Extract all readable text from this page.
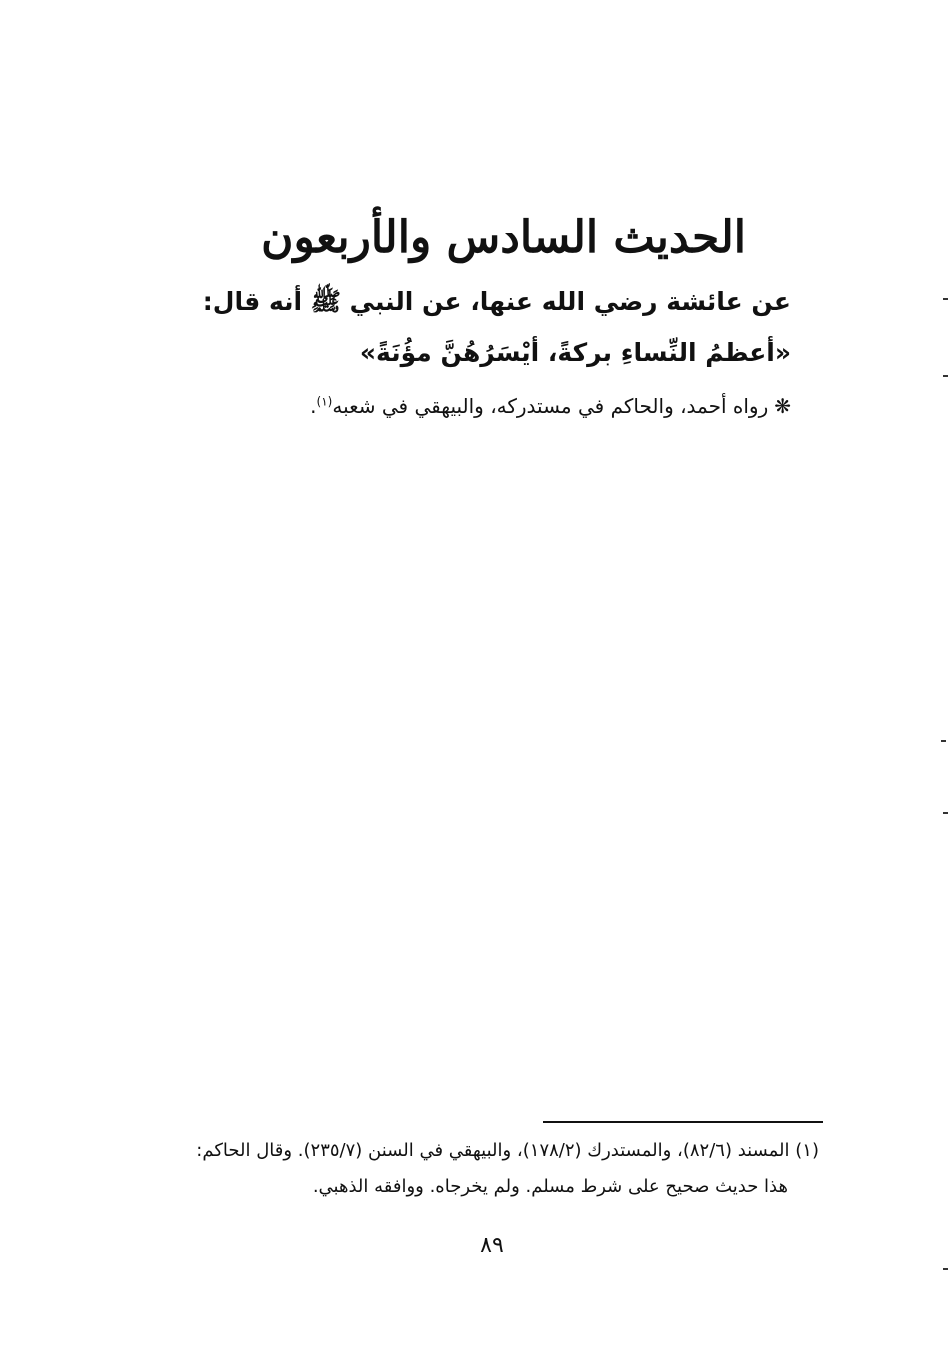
الحديث السادس والأربعون
عن عائشة رضي الله عنها، عن النبي ﷺ أنه قال:
«أعظمُ النِّساءِ بركةً، أيْسَرُهُنَّ مؤُنَةً»
❋رواه أحمد، والحاكم في مستدركه، والبيهقي في شعبه$^{(١)}$.
(١) المسند (٨٢/٦)، والمستدرك (١٧٨/٢)، والبيهقي في السنن (٢٣٥/٧). وقال الحاكم:
هذا حديث صحيح على شرط مسلم. ولم يخرجاه. ووافقه الذهبي.
٨٩
